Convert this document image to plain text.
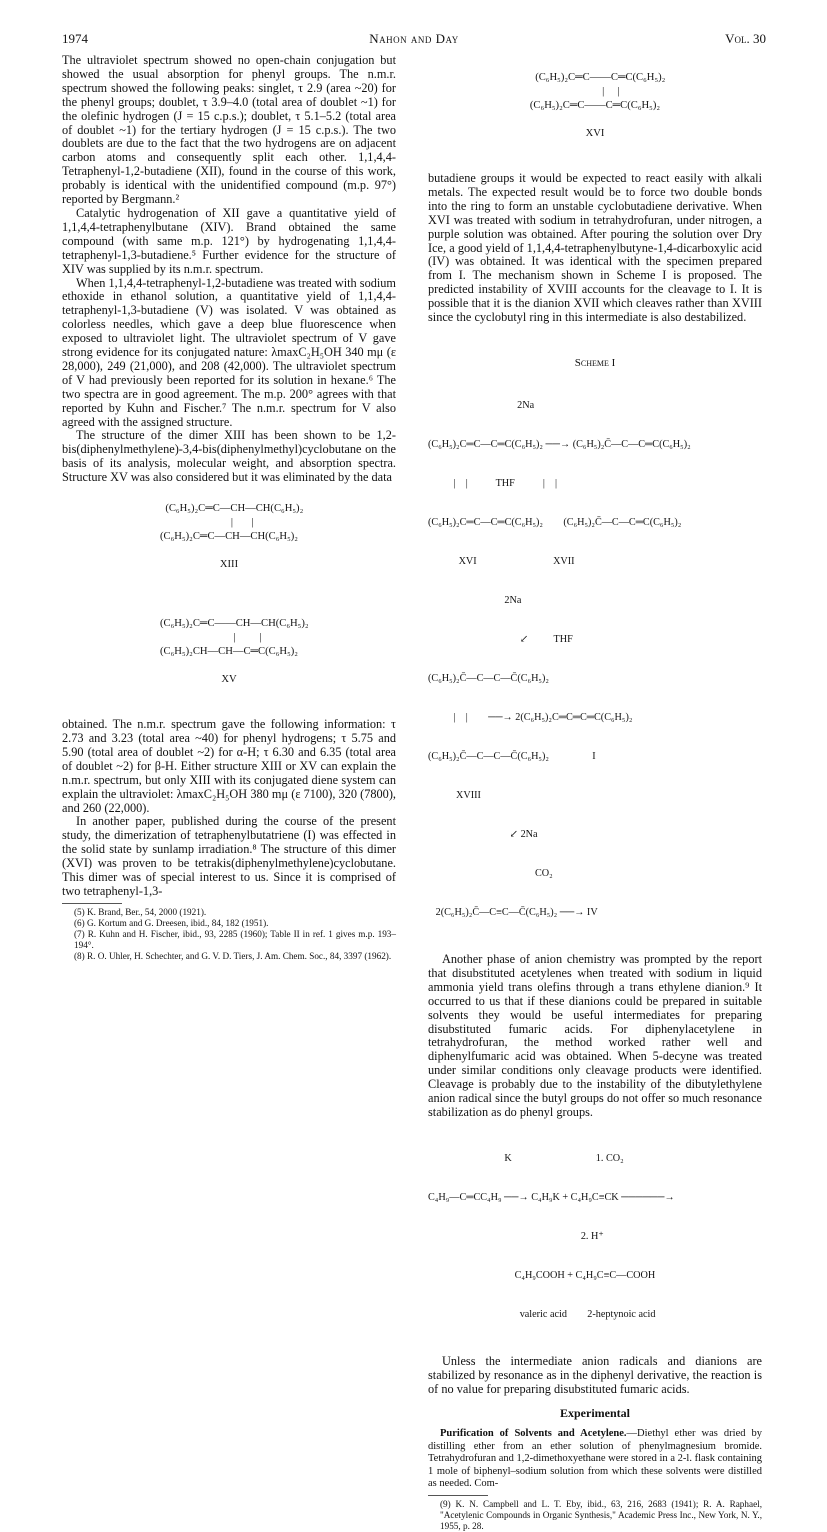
1974	Nahon and Day	Vol. 30

The ultraviolet spectrum showed no open-chain conjugation but showed the usual absorption for phenyl groups. The n.m.r. spectrum showed the following peaks: singlet, τ 2.9 (area ~20) for the phenyl groups; doublet, τ 3.9–4.0 (total area of doublet ~1) for the olefinic hydrogen (J = 15 c.p.s.); doublet, τ 5.1–5.2 (total area of doublet ~1) for the tertiary hydrogen (J = 15 c.p.s.). The two doublets are due to the fact that the two hydrogens are on adjacent carbon atoms and consequently split each other. 1,1,4,4-Tetraphenyl-1,2-butadiene (XII), found in the course of this work, probably is identical with the unidentified compound (m.p. 97°) reported by Bergmann.²

Catalytic hydrogenation of XII gave a quantitative yield of 1,1,4,4-tetraphenylbutane (XIV). Brand obtained the same compound (with same m.p. 121°) by hydrogenating 1,1,4,4-tetraphenyl-1,3-butadiene.⁵ Further evidence for the structure of XIV was supplied by its n.m.r. spectrum.

When 1,1,4,4-tetraphenyl-1,2-butadiene was treated with sodium ethoxide in ethanol solution, a quantitative yield of 1,1,4,4-tetraphenyl-1,3-butadiene (V) was isolated. V was obtained as colorless needles, which gave a deep blue fluorescence when exposed to ultraviolet light. The ultraviolet spectrum of V gave strong evidence for its conjugated nature: λmaxC₂H₅OH 340 mμ (ε 28,000), 249 (21,000), and 208 (42,000). The ultraviolet spectrum of V had previously been reported for its solution in hexane.⁶ The two spectra are in good agreement. The m.p. 200° agrees with that reported by Kuhn and Fischer.⁷ The n.m.r. spectrum for V also agreed with the assigned structure.

The structure of the dimer XIII has been shown to be 1,2-bis(diphenylmethylene)-3,4-bis(diphenylmethyl)cyclobutane on the basis of its analysis, molecular weight, and absorption spectra. Structure XV was also considered but it was eliminated by the data

(C₆H₅)₂C═C—CH—CH(C₆H₅)₂
|       |
(C₆H₅)₂C═C—CH—CH(C₆H₅)₂

XIII

(C₆H₅)₂C═C——CH—CH(C₆H₅)₂
|         |
(C₆H₅)₂CH—CH—C═C(C₆H₅)₂

XV

obtained. The n.m.r. spectrum gave the following information: τ 2.73 and 3.23 (total area ~40) for phenyl hydrogens; τ 5.75 and 5.90 (total area of doublet ~2) for α-H; τ 6.30 and 6.35 (total area of doublet ~2) for β-H. Either structure XIII or XV can explain the n.m.r. spectrum, but only XIII with its conjugated diene system can explain the ultraviolet: λmaxC₂H₅OH 380 mμ (ε 7100), 320 (7800), and 260 (22,000).

In another paper, published during the course of the present study, the dimerization of tetraphenylbutatriene (I) was effected in the solid state by sunlamp irradiation.⁸ The structure of this dimer (XVI) was proven to be tetrakis(diphenylmethylene)cyclobutane. This dimer was of special interest to us. Since it is comprised of two tetraphenyl-1,3-

(5) K. Brand, Ber., 54, 2000 (1921).
(6) G. Kortum and G. Dreesen, ibid., 84, 182 (1951).
(7) R. Kuhn and H. Fischer, ibid., 93, 2285 (1960); Table II in ref. 1 gives m.p. 193–194°.
(8) R. O. Uhler, H. Schechter, and G. V. D. Tiers, J. Am. Chem. Soc., 84, 3397 (1962).

(C₆H₅)₂C═C——C═C(C₆H₅)₂
|     |
(C₆H₅)₂C═C——C═C(C₆H₅)₂

XVI

butadiene groups it would be expected to react easily with alkali metals. The expected result would be to force two double bonds into the ring to form an unstable cyclobutadiene derivative. When XVI was treated with sodium in tetrahydrofuran, under nitrogen, a purple solution was obtained. After pouring the solution over Dry Ice, a good yield of 1,1,4,4-tetraphenylbutyne-1,4-dicarboxylic acid (IV) was obtained. It was identical with the specimen prepared from I. The mechanism shown in Scheme I is proposed. The predicted instability of XVIII accounts for the cleavage to I. It is possible that it is the dianion XVII which cleaves rather than XVIII since the cyclobutyl ring in this intermediate is also destabilized.

Scheme I

2Na

(C₆H₅)₂C═C—C═C(C₆H₅)₂ ──→ (C₆H₅)₂C̄—C—C═C(C₆H₅)₂

|    |           THF           |    |

(C₆H₅)₂C═C—C═C(C₆H₅)₂        (C₆H₅)₂C̄—C—C═C(C₆H₅)₂

XVI                              XVII

2Na

↙          THF

(C₆H₅)₂C̄—C—C—C̄(C₆H₅)₂

|    |        ──→ 2(C₆H₅)₂C═C═C═C(C₆H₅)₂

(C₆H₅)₂C̄—C—C—C̄(C₆H₅)₂                 I

XVIII

↙ 2Na

CO₂

2(C₆H₅)₂C̄—C≡C—C̄(C₆H₅)₂ ──→ IV

Another phase of anion chemistry was prompted by the report that disubstituted acetylenes when treated with sodium in liquid ammonia yield trans olefins through a trans ethylene dianion.⁹ It occurred to us that if these dianions could be prepared in suitable solvents they would be useful intermediates for preparing disubstituted fumaric acids. For diphenylacetylene in tetrahydrofuran, the method worked rather well and diphenylfumaric acid was obtained. When 5-decyne was treated under similar conditions only cleavage products were identified. Cleavage is probably due to the instability of the dibutylethylene anion radical since the butyl groups do not offer so much resonance stabilization as do phenyl groups.

K                                 1. CO₂

C₄H₉—C═CC₄H₉ ──→ C₄H₉K + C₄H₉C≡CK ──────→

2. H⁺

C₄H₉COOH + C₄H₉C≡C—COOH

valeric acid        2-heptynoic acid

Unless the intermediate anion radicals and dianions are stabilized by resonance as in the diphenyl derivative, the reaction is of no value for preparing disubstituted fumaric acids.

Experimental

Purification of Solvents and Acetylene.—Diethyl ether was dried by distilling ether from an ether solution of phenylmagnesium bromide. Tetrahydrofuran and 1,2-dimethoxyethane were stored in a 2-l. flask containing 1 mole of biphenyl–sodium solution from which these solvents were distilled as needed. Com-

(9) K. N. Campbell and L. T. Eby, ibid., 63, 216, 2683 (1941); R. A. Raphael, "Acetylenic Compounds in Organic Synthesis," Academic Press Inc., New York, N. Y., 1955, p. 28.
